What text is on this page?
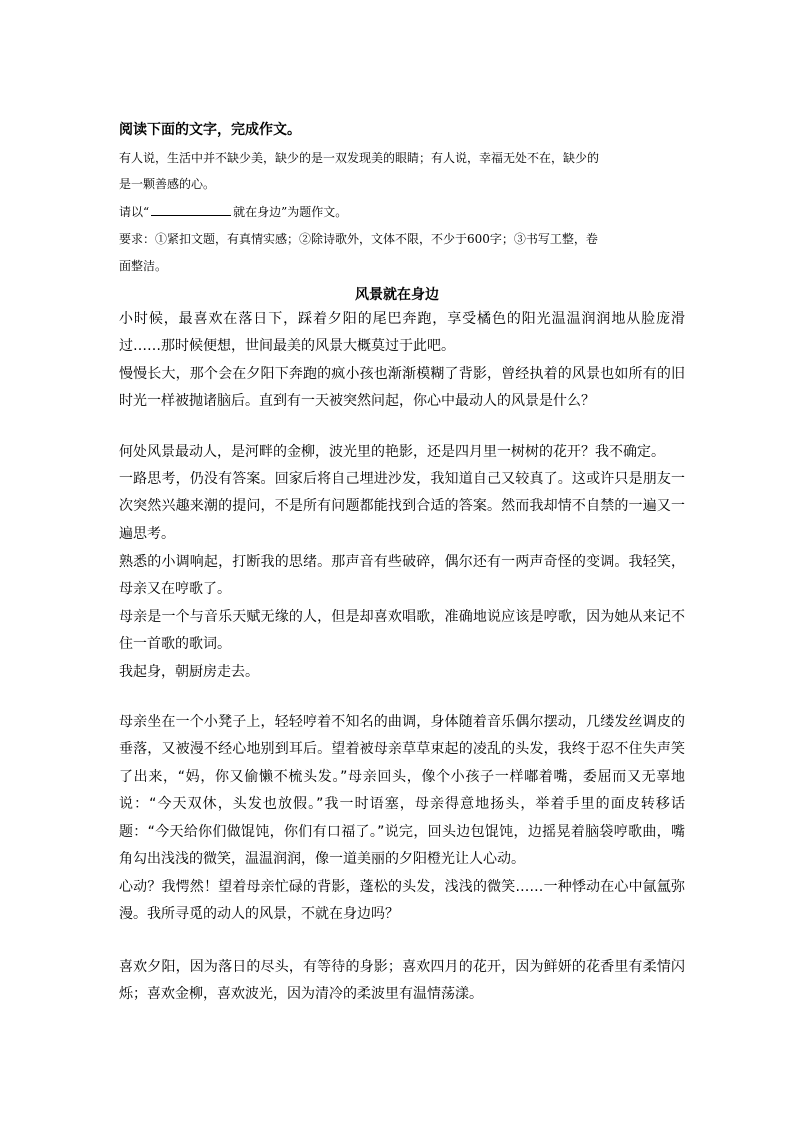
阅读下面的文字，完成作文。
有人说，生活中并不缺少美，缺少的是一双发现美的眼睛；有人说，幸福无处不在，缺少的
是一颗善感的心。
请以“	就在身边”为题作文。
要求：①紧扣文题，有真情实感；②除诗歌外，文体不限，不少于600字；③书写工整，卷
面整洁。
风景就在身边
小时候，最喜欢在落日下，踩着夕阳的尾巴奔跑，享受橘色的阳光温温润润地从脸庞滑过……那时候便想，世间最美的风景大概莫过于此吧。
慢慢长大，那个会在夕阳下奔跑的疯小孩也渐渐模糊了背影，曾经执着的风景也如所有的旧时光一样被抛诸脑后。直到有一天被突然问起，你心中最动人的风景是什么？
何处风景最动人，是河畔的金柳，波光里的艳影，还是四月里一树树的花开？我不确定。
一路思考，仍没有答案。回家后将自己埋进沙发，我知道自己又较真了。这或许只是朋友一次突然兴趣来潮的提问，不是所有问题都能找到合适的答案。然而我却情不自禁的一遍又一遍思考。
熟悉的小调响起，打断我的思绪。那声音有些破碎，偶尔还有一两声奇怪的变调。我轻笑，母亲又在哼歌了。
母亲是一个与音乐天赋无缘的人，但是却喜欢唱歌，准确地说应该是哼歌，因为她从来记不住一首歌的歌词。
我起身，朝厨房走去。
母亲坐在一个小凳子上，轻轻哼着不知名的曲调，身体随着音乐偶尔摆动，几缕发丝调皮的垂落，又被漫不经心地别到耳后。望着被母亲草草束起的凌乱的头发，我终于忍不住失声笑了出来，“妈，你又偷懒不梳头发。”母亲回头，像个小孩子一样嘟着嘴，委屈而又无辜地说：“今天双休，头发也放假。”我一时语塞，母亲得意地扬头，举着手里的面皮转移话题：“今天给你们做馄饨，你们有口福了。”说完，回头边包馄饨，边摇晃着脑袋哼歌曲，嘴角勾出浅浅的微笑，温温润润，像一道美丽的夕阳橙光让人心动。
心动？我愕然！望着母亲忙碌的背影，蓬松的头发，浅浅的微笑……一种悸动在心中氤氲弥漫。我所寻觅的动人的风景，不就在身边吗？
喜欢夕阳，因为落日的尽头，有等待的身影；喜欢四月的花开，因为鲜妍的花香里有柔情闪烁；喜欢金柳，喜欢波光，因为清冷的柔波里有温情荡漾。
